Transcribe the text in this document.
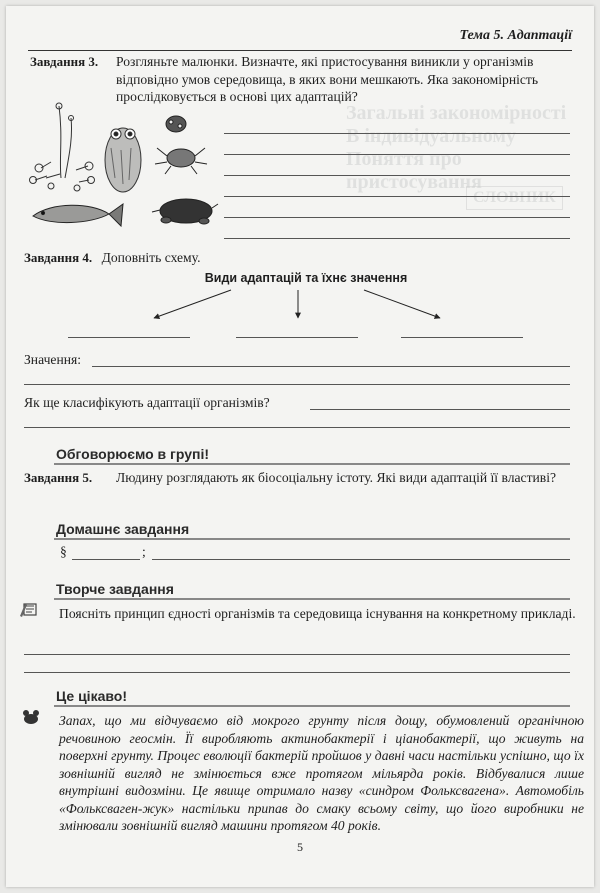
Загальні закономірності
В індивідуальному
Поняття про пристосування
СЛОВНИК
Тема 5. Адаптації
Завдання 3. Розгляньте малюнки. Визначте, які пристосування виникли у організмів відповідно умов середовища, в яких вони мешкають. Яка закономірність прослідковується в основі цих адаптацій?
Завдання 4. Доповніть схему.
Види адаптацій та їхнє значення
Значення:
Як ще класифікують адаптації організмів?
Обговорюємо в групі!
Завдання 5. Людину розглядають як біосоціальну істоту. Які види адаптацій її властиві?
Домашнє завдання
§	;
Творче завдання
Поясніть принцип єдності організмів та середовища існування на конкретному прикладі.
Це цікаво!
Запах, що ми відчуваємо від мокрого грунту після дощу, обумовлений органічною речовиною геосмін. Її виробляють актинобактерії і ціанобактерії, що живуть на поверхні грунту. Процес еволюції бактерій пройшов у давні часи настільки успішно, що їх зовнішній вигляд не змінюється вже протягом мільярда років. Відбувалися лише внутрішні видозміни. Це явище отримало назву «синдром Фольксвагена». Автомобіль «Фольксваген-жук» настільки припав до смаку всьому світу, що його виробники не змінювали зовнішній вигляд машини протягом 40 років.
5
